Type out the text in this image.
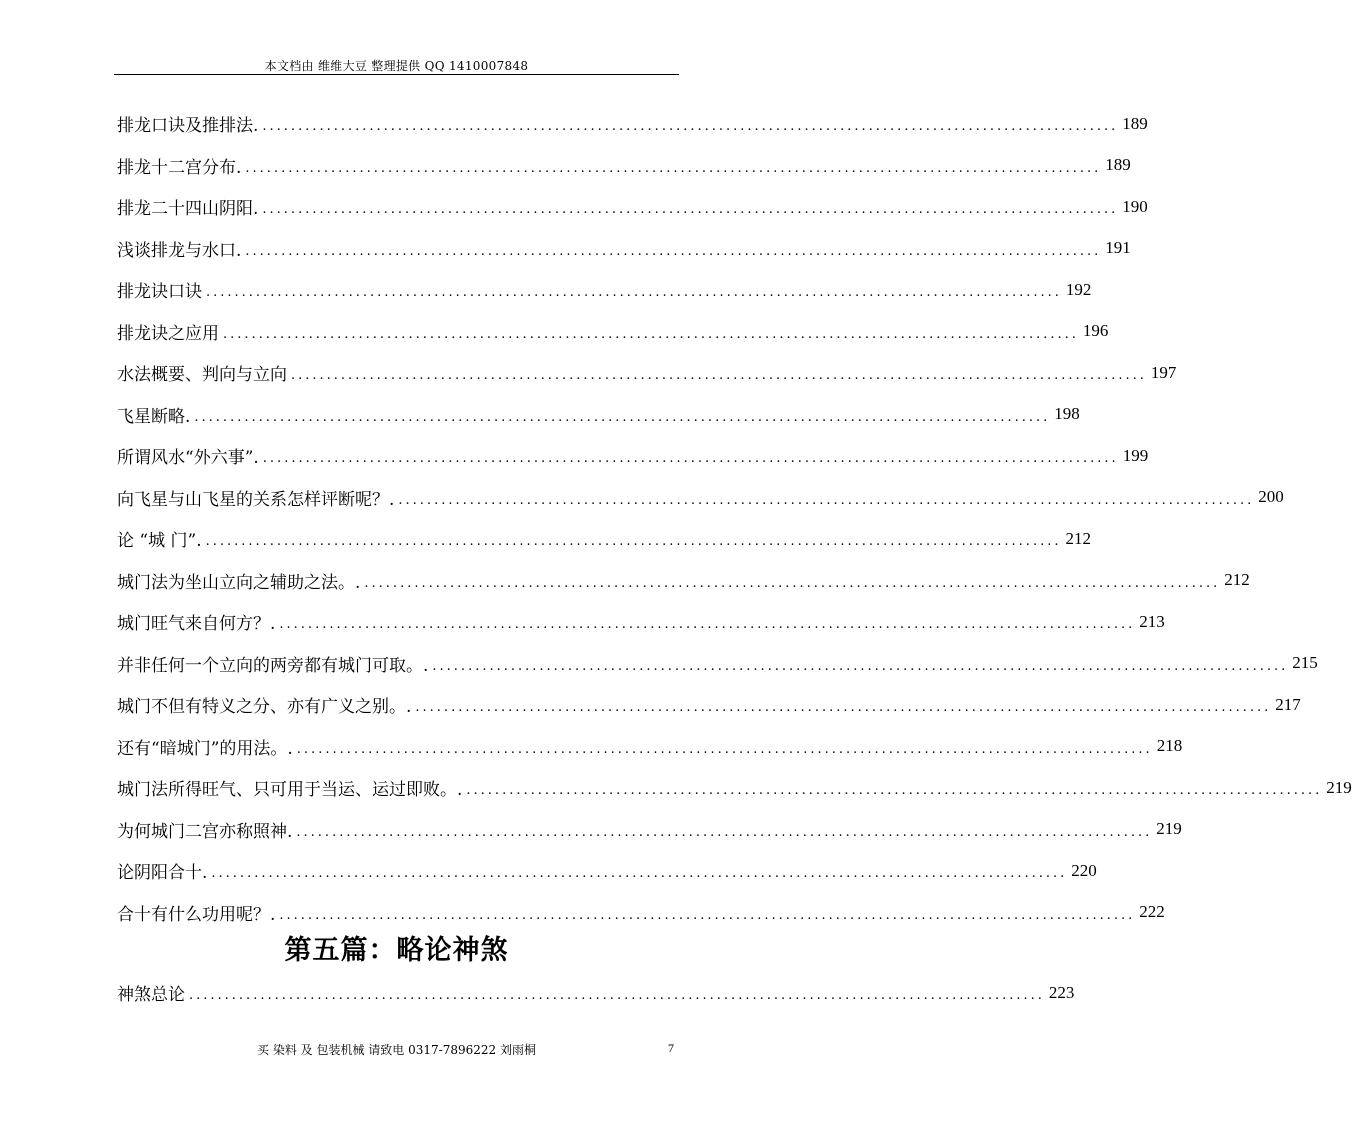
本文档由 维维大豆 整理提供 QQ 1410007848
排龙口诀及推排法. ........................................................................................................................ 189
排龙十二宫分布. ........................................................................................................................ 189
排龙二十四山阴阳. ........................................................................................................................ 190
浅谈排龙与水口. ........................................................................................................................ 191
排龙诀口诀 ........................................................................................................................ 192
排龙诀之应用 ........................................................................................................................ 196
水法概要、判向与立向 ........................................................................................................................ 197
飞星断略. ........................................................................................................................ 198
所谓风水“外六事”. ........................................................................................................................ 199
向飞星与山飞星的关系怎样评断呢？. ........................................................................................................................ 200
论 “城 门”. ........................................................................................................................ 212
城门法为坐山立向之辅助之法。. ........................................................................................................................ 212
城门旺气来自何方？. ........................................................................................................................ 213
并非任何一个立向的两旁都有城门可取。. ........................................................................................................................ 215
城门不但有特义之分、亦有广义之别。. ........................................................................................................................ 217
还有“暗城门”的用法。. ........................................................................................................................ 218
城门法所得旺气、只可用于当运、运过即败。. ........................................................................................................................ 219
为何城门二宫亦称照神. ........................................................................................................................ 219
论阴阳合十. ........................................................................................................................ 220
合十有什么功用呢？. ........................................................................................................................ 222
第五篇：略论神煞
神煞总论 ........................................................................................................................ 223
买 染料 及 包装机械 请致电 0317-7896222 刘雨桐	7
